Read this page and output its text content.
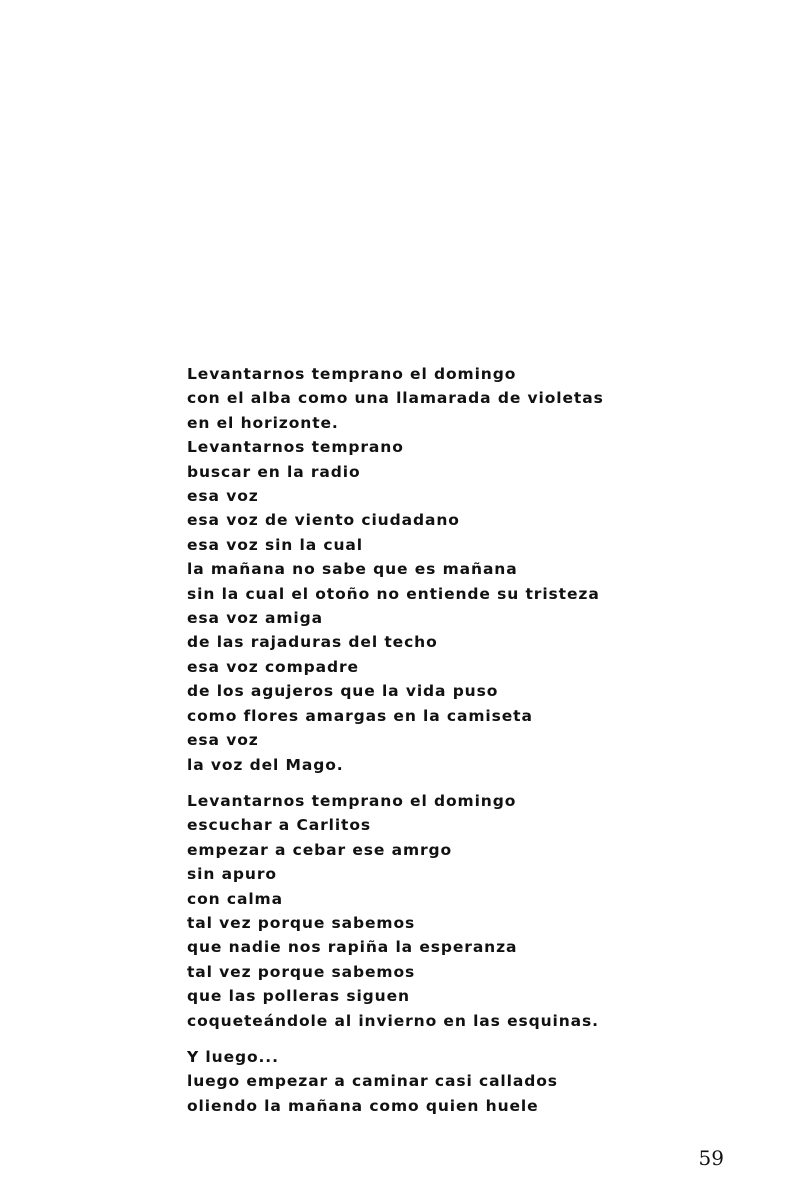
Levantarnos temprano el domingo
con el alba como una llamarada de violetas
en el horizonte.
Levantarnos temprano
buscar en la radio
esa voz
esa voz de viento ciudadano
esa voz sin la cual
la mañana no sabe que es mañana
sin la cual el otoño no entiende su tristeza
esa voz amiga
de las rajaduras del techo
esa voz compadre
de los agujeros que la vida puso
como flores amargas en la camiseta
esa voz
la voz del Mago.
Levantarnos temprano el domingo
escuchar a Carlitos
empezar a cebar ese amrgo
sin apuro
con calma
tal vez porque sabemos
que nadie nos rapiña la esperanza
tal vez porque sabemos
que las polleras siguen
coqueteándole al invierno en las esquinas.
Y luego...
luego empezar a caminar casi callados
oliendo la mañana como quien huele
59
